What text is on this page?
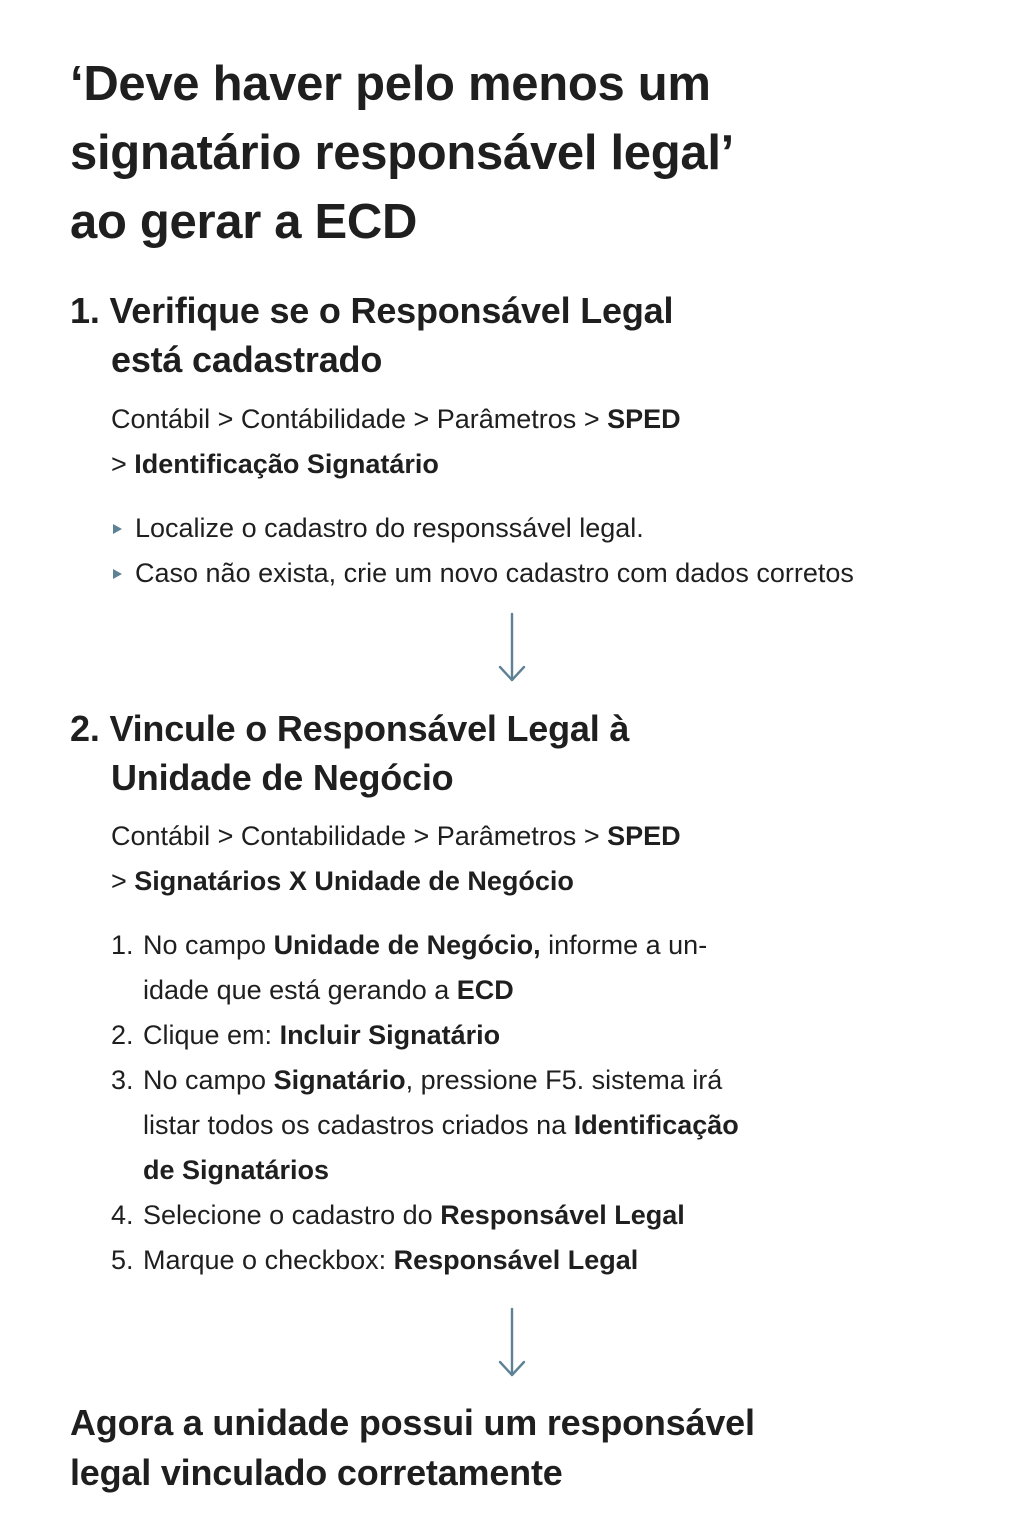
‘Deve haver pelo menos um
signatário responsável legal’
ao gerar a ECD
1. Verifique se o Responsável Legal
está cadastrado
Contábil > Contábilidade > Parâmetros > SPED
> Identificação Signatário
Localize o cadastro do responssável legal.
Caso não exista, crie um novo cadastro com dados corretos
2. Vincule o Responsável Legal à
Unidade de Negócio
Contábil > Contabilidade > Parâmetros > SPED
> Signatários X Unidade de Negócio
1. No campo Unidade de Negócio, informe a un-
idade que está gerando a ECD
2. Clique em: Incluir Signatário
3. No campo Signatário, pressione F5. sistema irá
listar todos os cadastros criados na Identificação
de Signatários
4. Selecione o cadastro do Responsável Legal
5. Marque o checkbox: Responsável Legal
Agora a unidade possui um responsável
legal vinculado corretamente
